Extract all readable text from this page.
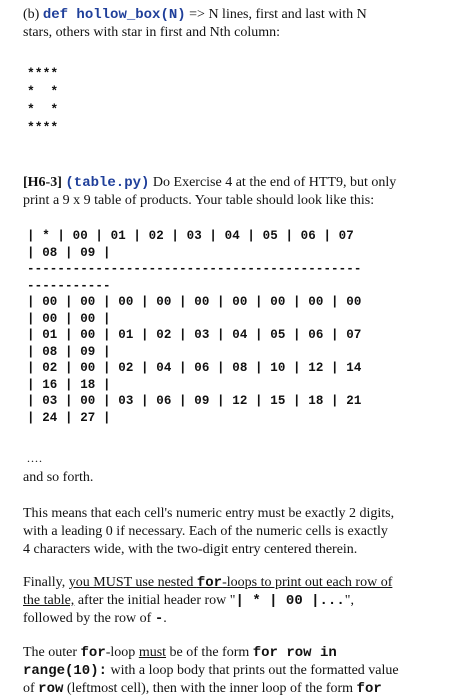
(b) def hollow_box(N) => N lines, first and last with N
stars, others with star in first and Nth column:

****

*  *

*  *

****

[H6-3] (table.py) Do Exercise 4 at the end of HTT9, but only
print a 9 x 9 table of products. Your table should look like this:

| * | 00 | 01 | 02 | 03 | 04 | 05 | 06 | 07

| 08 | 09 |

--------------------------------------------

-----------

| 00 | 00 | 00 | 00 | 00 | 00 | 00 | 00 | 00

| 00 | 00 |

| 01 | 00 | 01 | 02 | 03 | 04 | 05 | 06 | 07

| 08 | 09 |

| 02 | 00 | 02 | 04 | 06 | 08 | 10 | 12 | 14

| 16 | 18 |

| 03 | 00 | 03 | 06 | 09 | 12 | 15 | 18 | 21

| 24 | 27 |

....

and so forth.

This means that each cell's numeric entry must be exactly 2 digits,
with a leading 0 if necessary. Each of the numeric cells is exactly
4 characters wide, with the two-digit entry centered therein.

Finally, you MUST use nested for-loops to print out each row of
the table, after the initial header row "| * | 00 |...",
followed by the row of -.

The outer for-loop must be of the form for row in
range(10): with a loop body that prints out the formatted value
of row (leftmost cell), then with the inner loop of the form for
